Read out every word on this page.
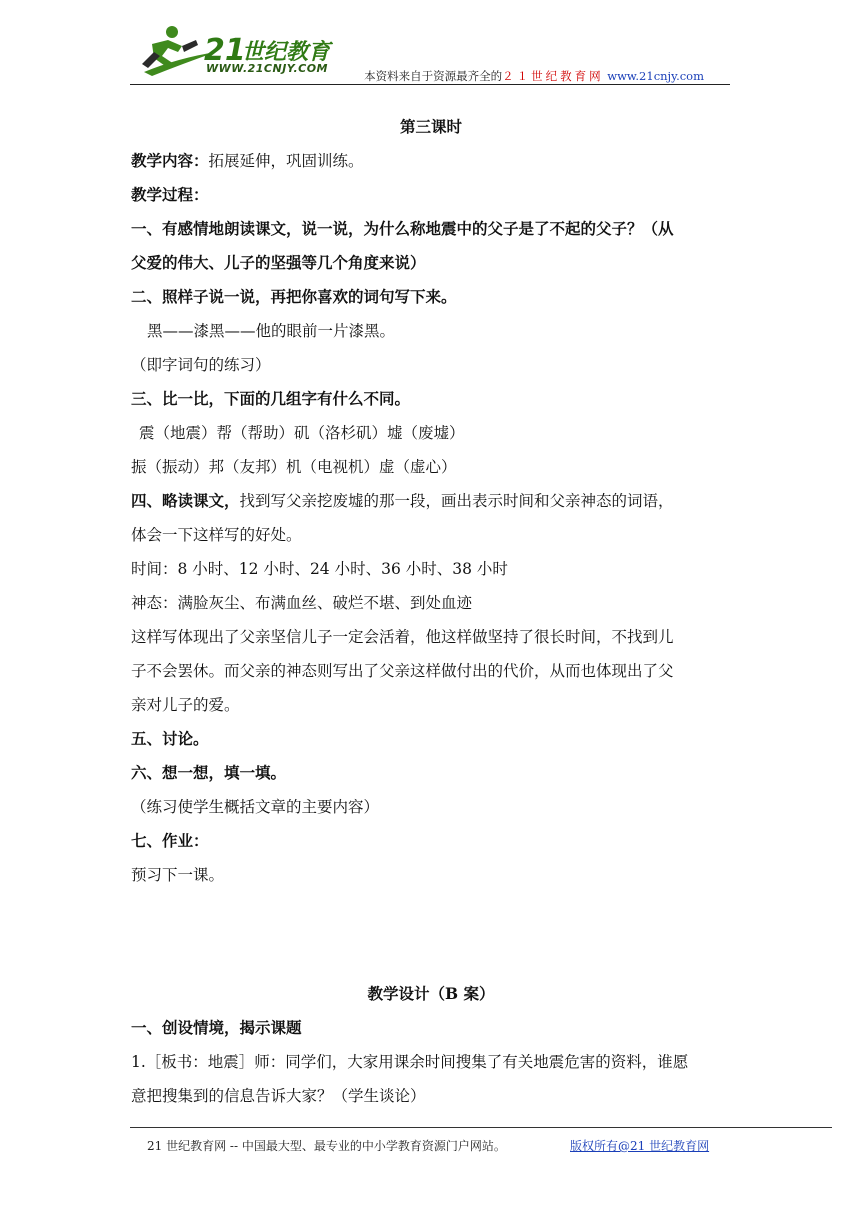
21
世纪教育
WWW.21CNJY.COM
本资料来自于资源最齐全的２１世纪教育网 www.21cnjy.com
第三课时
教学内容：拓展延伸，巩固训练。
教学过程：
一、有感情地朗读课文，说一说，为什么称地震中的父子是了不起的父子？（从
父爱的伟大、儿子的坚强等几个角度来说）
二、照样子说一说，再把你喜欢的词句写下来。
黑——漆黑——他的眼前一片漆黑。
（即字词句的练习）
三、比一比，下面的几组字有什么不同。
震（地震）帮（帮助）矶（洛杉矶）墟（废墟）
振（振动）邦（友邦）机（电视机）虚（虚心）
四、略读课文，找到写父亲挖废墟的那一段，画出表示时间和父亲神态的词语，
体会一下这样写的好处。
时间：8 小时、12 小时、24 小时、36 小时、38 小时
神态：满脸灰尘、布满血丝、破烂不堪、到处血迹
这样写体现出了父亲坚信儿子一定会活着，他这样做坚持了很长时间，不找到儿
子不会罢休。而父亲的神态则写出了父亲这样做付出的代价，从而也体现出了父
亲对儿子的爱。
五、讨论。
六、想一想，填一填。
（练习使学生概括文章的主要内容）
七、作业：
预习下一课。
教学设计（B 案）
一、创设情境，揭示课题
1.［板书：地震］师：同学们，大家用课余时间搜集了有关地震危害的资料，谁愿
意把搜集到的信息告诉大家？（学生谈论）
21 世纪教育网 -- 中国最大型、最专业的中小学教育资源门户网站。	版权所有@21 世纪教育网
